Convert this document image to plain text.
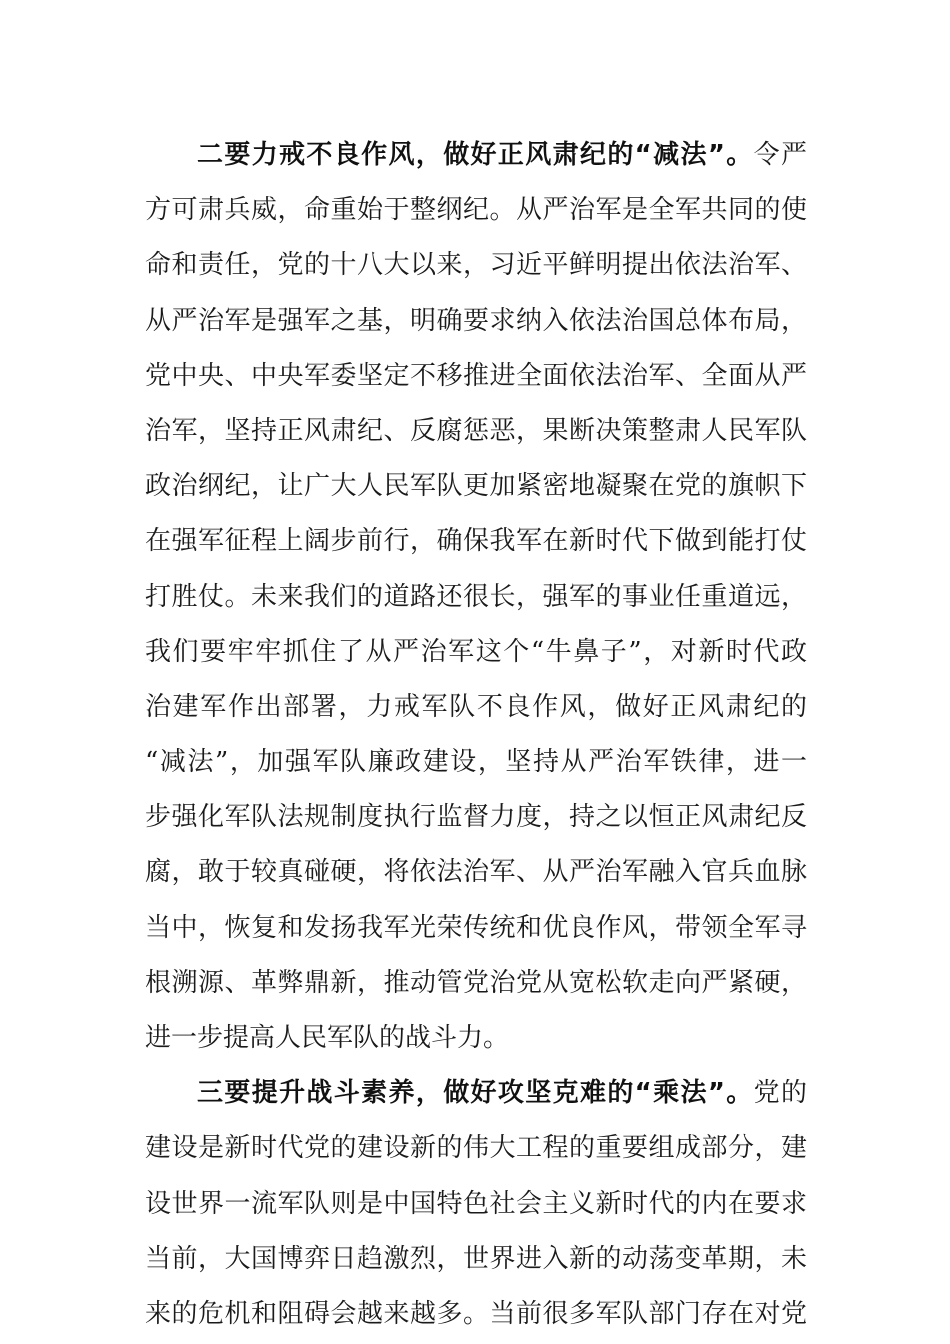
二要力戒不良作风，做好正风肃纪的“减法”。令严
方可肃兵威，命重始于整纲纪。从严治军是全军共同的使
命和责任，党的十八大以来，习近平鲜明提出依法治军、
从严治军是强军之基，明确要求纳入依法治国总体布局，
党中央、中央军委坚定不移推进全面依法治军、全面从严
治军，坚持正风肃纪、反腐惩恶，果断决策整肃人民军队
政治纲纪，让广大人民军队更加紧密地凝聚在党的旗帜下
在强军征程上阔步前行，确保我军在新时代下做到能打仗
打胜仗。未来我们的道路还很长，强军的事业任重道远，
我们要牢牢抓住了从严治军这个“牛鼻子”，对新时代政
治建军作出部署，力戒军队不良作风，做好正风肃纪的
“减法”，加强军队廉政建设，坚持从严治军铁律，进一
步强化军队法规制度执行监督力度，持之以恒正风肃纪反
腐，敢于较真碰硬，将依法治军、从严治军融入官兵血脉
当中，恢复和发扬我军光荣传统和优良作风，带领全军寻
根溯源、革弊鼎新，推动管党治党从宽松软走向严紧硬，
进一步提高人民军队的战斗力。
三要提升战斗素养，做好攻坚克难的“乘法”。党的
建设是新时代党的建设新的伟大工程的重要组成部分，建
设世界一流军队则是中国特色社会主义新时代的内在要求
当前，大国博弈日趋激烈，世界进入新的动荡变革期，未
来的危机和阻碍会越来越多。当前很多军队部门存在对党
